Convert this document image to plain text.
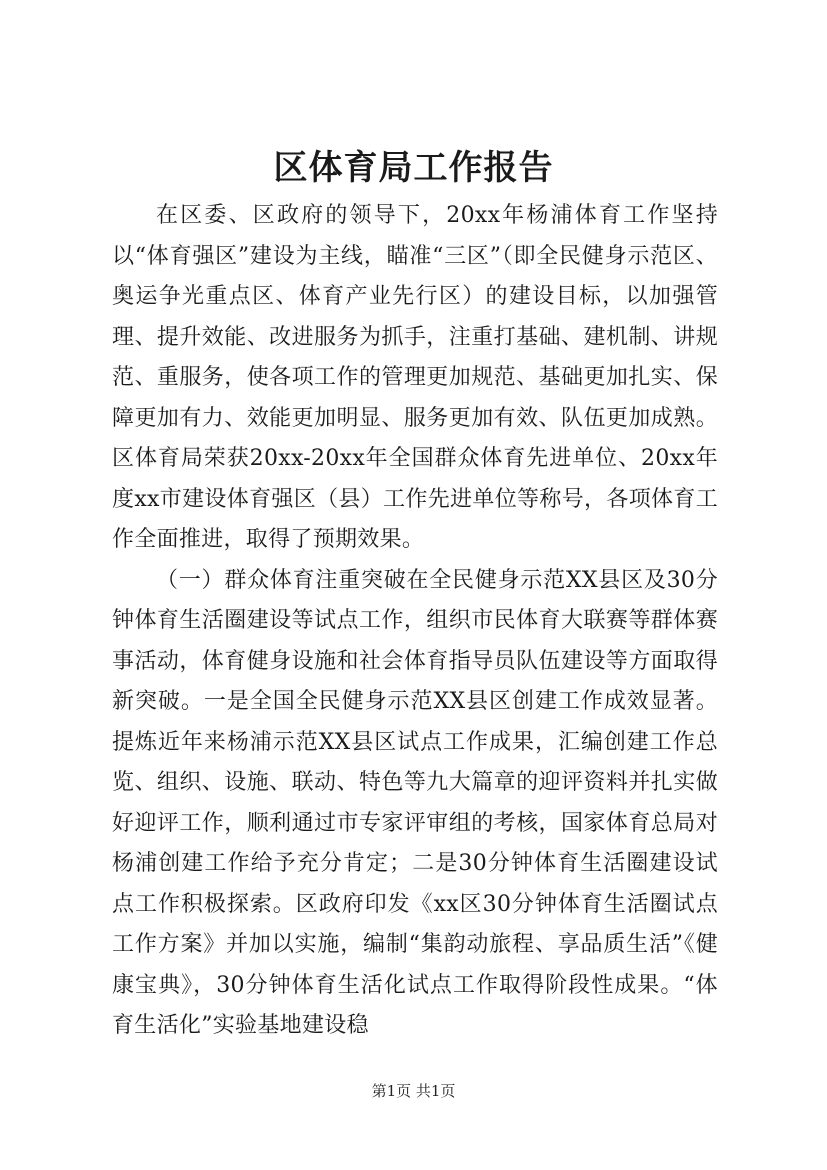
区体育局工作报告

在区委、区政府的领导下，20xx年杨浦体育工作坚持以“体育强区”建设为主线，瞄准“三区”（即全民健身示范区、奥运争光重点区、体育产业先行区）的建设目标，以加强管理、提升效能、改进服务为抓手，注重打基础、建机制、讲规范、重服务，使各项工作的管理更加规范、基础更加扎实、保障更加有力、效能更加明显、服务更加有效、队伍更加成熟。区体育局荣获20xx-20xx年全国群众体育先进单位、20xx年度xx市建设体育强区（县）工作先进单位等称号，各项体育工作全面推进，取得了预期效果。

（一）群众体育注重突破在全民健身示范XX县区及30分钟体育生活圈建设等试点工作，组织市民体育大联赛等群体赛事活动，体育健身设施和社会体育指导员队伍建设等方面取得新突破。一是全国全民健身示范XX县区创建工作成效显著。提炼近年来杨浦示范XX县区试点工作成果，汇编创建工作总览、组织、设施、联动、特色等九大篇章的迎评资料并扎实做好迎评工作，顺利通过市专家评审组的考核，国家体育总局对杨浦创建工作给予充分肯定；二是30分钟体育生活圈建设试点工作积极探索。区政府印发《xx区30分钟体育生活圈试点工作方案》并加以实施，编制“集韵动旅程、享品质生活”《健康宝典》，30分钟体育生活化试点工作取得阶段性成果。“体育生活化”实验基地建设稳

第1页 共1页
